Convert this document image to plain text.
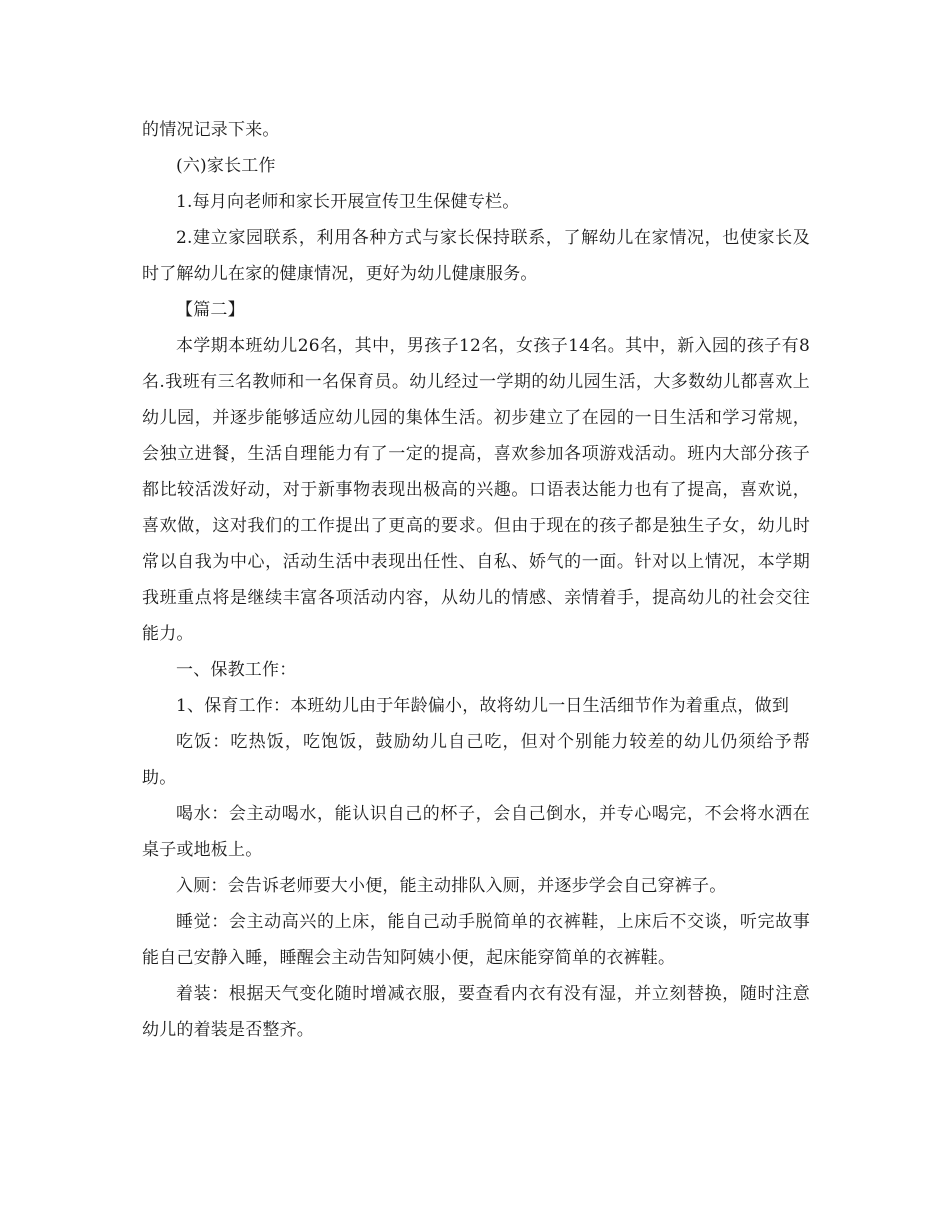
的情况记录下来。

(六)家长工作

1.每月向老师和家长开展宣传卫生保健专栏。

2.建立家园联系，利用各种方式与家长保持联系，了解幼儿在家情况，也使家长及时了解幼儿在家的健康情况，更好为幼儿健康服务。

【篇二】

本学期本班幼儿26名，其中，男孩子12名，女孩子14名。其中，新入园的孩子有8名.我班有三名教师和一名保育员。幼儿经过一学期的幼儿园生活，大多数幼儿都喜欢上幼儿园，并逐步能够适应幼儿园的集体生活。初步建立了在园的一日生活和学习常规，会独立进餐，生活自理能力有了一定的提高，喜欢参加各项游戏活动。班内大部分孩子都比较活泼好动，对于新事物表现出极高的兴趣。口语表达能力也有了提高，喜欢说，喜欢做，这对我们的工作提出了更高的要求。但由于现在的孩子都是独生子女，幼儿时常以自我为中心，活动生活中表现出任性、自私、娇气的一面。针对以上情况，本学期我班重点将是继续丰富各项活动内容，从幼儿的情感、亲情着手，提高幼儿的社会交往能力。

一、保教工作：

1、保育工作：本班幼儿由于年龄偏小，故将幼儿一日生活细节作为着重点，做到

吃饭：吃热饭，吃饱饭，鼓励幼儿自己吃，但对个别能力较差的幼儿仍须给予帮助。

喝水：会主动喝水，能认识自己的杯子，会自己倒水，并专心喝完，不会将水洒在桌子或地板上。

入厕：会告诉老师要大小便，能主动排队入厕，并逐步学会自己穿裤子。

睡觉：会主动高兴的上床，能自己动手脱简单的衣裤鞋，上床后不交谈，听完故事能自己安静入睡，睡醒会主动告知阿姨小便，起床能穿简单的衣裤鞋。

着装：根据天气变化随时增减衣服，要查看内衣有没有湿，并立刻替换，随时注意幼儿的着装是否整齐。
